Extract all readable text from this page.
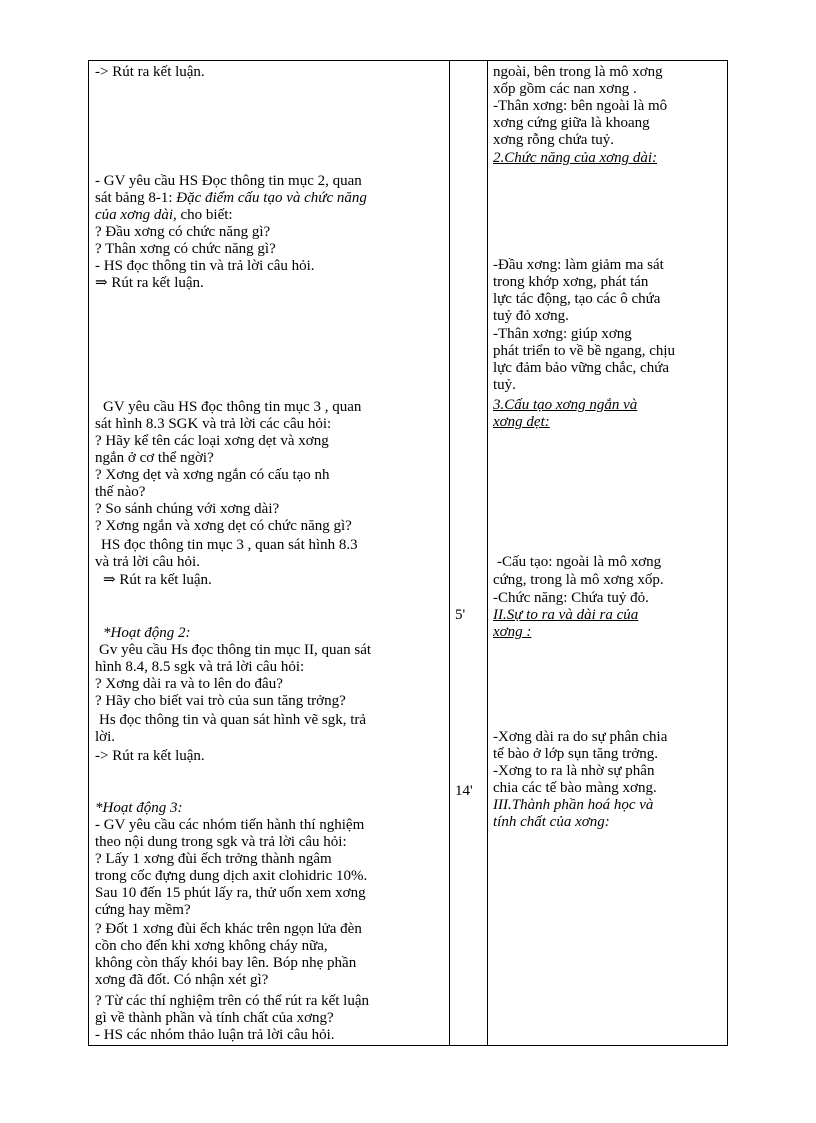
-> Rút ra kết luận.
- GV yêu cầu HS Đọc thông tin mục 2, quan
sát bảng 8-1: Đặc điểm cấu tạo và chức năng
của xơng dài, cho biết:
? Đầu xơng có chức năng gì?
? Thân xơng có chức năng gì?
- HS đọc thông tin và trả lời câu hỏi.
⇒ Rút ra kết luận.
GV yêu cầu HS đọc thông tin mục 3 , quan
sát hình 8.3 SGK và trả lời các câu hỏi:
? Hãy kể tên các loại xơng dẹt và xơng
ngắn ở cơ thể ngời?
? Xơng dẹt và xơng ngắn có cấu tạo nh
thế nào?
? So sánh chúng với xơng dài?
? Xơng ngắn và xơng dẹt có chức năng gì?
HS đọc thông tin mục 3 , quan sát hình 8.3
và trả lời câu hỏi.
⇒ Rút ra kết luận.
*Hoạt động 2:
Gv yêu cầu Hs đọc thông tin mục II, quan sát
hình 8.4, 8.5 sgk và trả lời câu hỏi:
? Xơng dài ra và to lên do đâu?
? Hãy cho biết vai trò của sun tăng trởng?
Hs đọc thông tin và quan sát hình vẽ sgk, trả
lời.
-> Rút ra kết luận.
*Hoạt động 3:
- GV yêu cầu các nhóm tiến hành thí nghiệm
theo nội dung trong sgk và trả lời câu hỏi:
? Lấy 1 xơng đùi ếch trởng thành ngâm
trong cốc đựng dung dịch axit clohidric 10%.
Sau 10 đến 15 phút lấy ra, thử uốn xem xơng
cứng hay mềm?
? Đốt 1 xơng đùi ếch khác trên ngọn lửa đèn
cồn cho đến khi xơng không cháy nữa,
không còn thấy khói bay lên. Bóp nhẹ phần
xơng đã đốt. Có nhận xét gì?
? Từ các thí nghiệm trên có thể rút ra kết luận
gì về thành phần và tính chất của xơng?
- HS các nhóm thảo luận trả lời câu hỏi.
5'
14'
ngoài, bên trong là mô xơng
xốp gồm các nan xơng .
-Thân xơng: bên ngoài là mô
xơng cứng giữa là khoang
xơng rỗng chứa tuỷ.
2.Chức năng của xơng dài:
-Đầu xơng: làm giảm ma sát
trong khớp xơng, phát tán
lực tác động, tạo các ô chứa
tuỷ đỏ xơng.
-Thân xơng: giúp xơng
phát triển to về bề ngang, chịu
lực đảm bảo vững chắc, chứa
tuỷ.
3.Cấu tạo xơng ngắn và
xơng dẹt:
-Cấu tạo: ngoài là mô xơng
cứng, trong là mô xơng xốp.
-Chức năng: Chứa tuỷ đỏ.
II.Sự to ra và dài ra của
xơng :
-Xơng dài ra do sự phân chia
tế bào ở lớp sụn tăng trởng.
-Xơng to ra là nhờ sự phân
chia các tế bào màng xơng.
III.Thành phần hoá học và
tính chất của xơng:
